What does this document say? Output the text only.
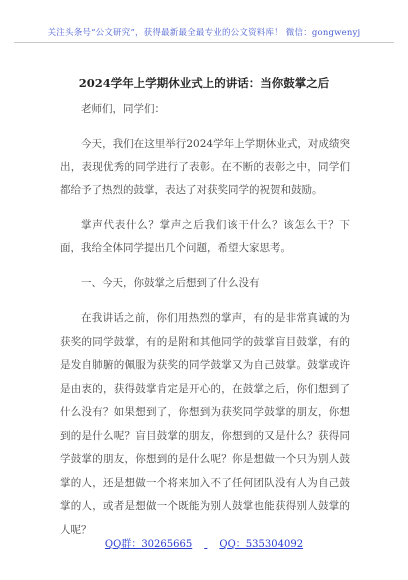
关注头条号“公文研究”，获得最新最全最专业的公文资料库！ 微信：gongwenyj
2024学年上学期休业式上的讲话：当你鼓掌之后

老师们，同学们：

今天，我们在这里举行2024学年上学期休业式，对成绩突出，表现优秀的同学进行了表彰。在不断的表彰之中，同学们都给予了热烈的鼓掌，表达了对获奖同学的祝贺和鼓励。

掌声代表什么？掌声之后我们该干什么？该怎么干？下面，我给全体同学提出几个问题，希望大家思考。

一、今天，你鼓掌之后想到了什么没有

在我讲话之前，你们用热烈的掌声，有的是非常真诚的为获奖的同学鼓掌，有的是附和其他同学的鼓掌盲目鼓掌，有的是发自肺腑的佩服为获奖的同学鼓掌又为自己鼓掌。鼓掌或许是由衷的，获得鼓掌肯定是开心的，在鼓掌之后，你们想到了什么没有？如果想到了，你想到为获奖同学鼓掌的朋友，你想到的是什么呢？盲目鼓掌的朋友，你想到的又是什么？获得同学鼓掌的朋友，你想到的是什么呢？你是想做一个只为别人鼓掌的人，还是想做一个将来加入不了任何团队没有人为自己鼓掌的人，或者是想做一个既能为别人鼓掌也能获得别人鼓掌的人呢？

QQ群：30265665	QQ：535304092
